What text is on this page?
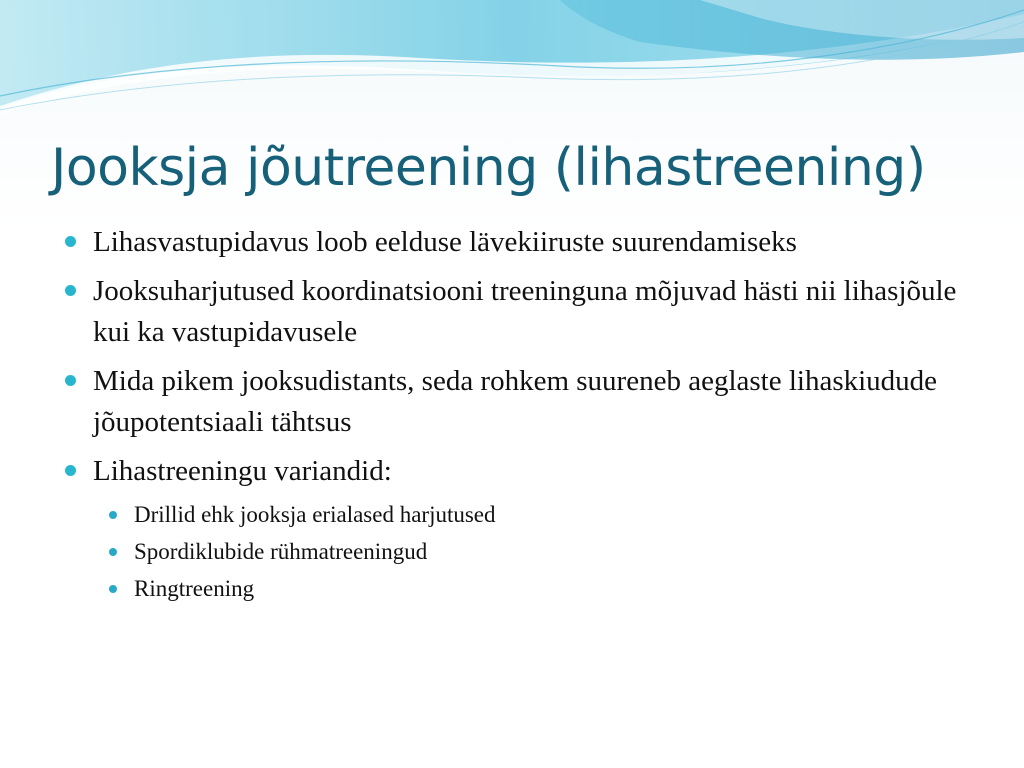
Jooksja jõutreening (lihastreening)
Lihasvastupidavus loob eelduse lävekiiruste suurendamiseks
Jooksuharjutused koordinatsiooni treeninguna mõjuvad hästi nii lihasjõule kui ka vastupidavusele
Mida pikem jooksudistants, seda rohkem suureneb aeglaste lihaskiudude jõupotentsiaali tähtsus
Lihastreeningu variandid:
Drillid ehk jooksja erialased harjutused
Spordiklubide rühmatreeningud
Ringtreening
